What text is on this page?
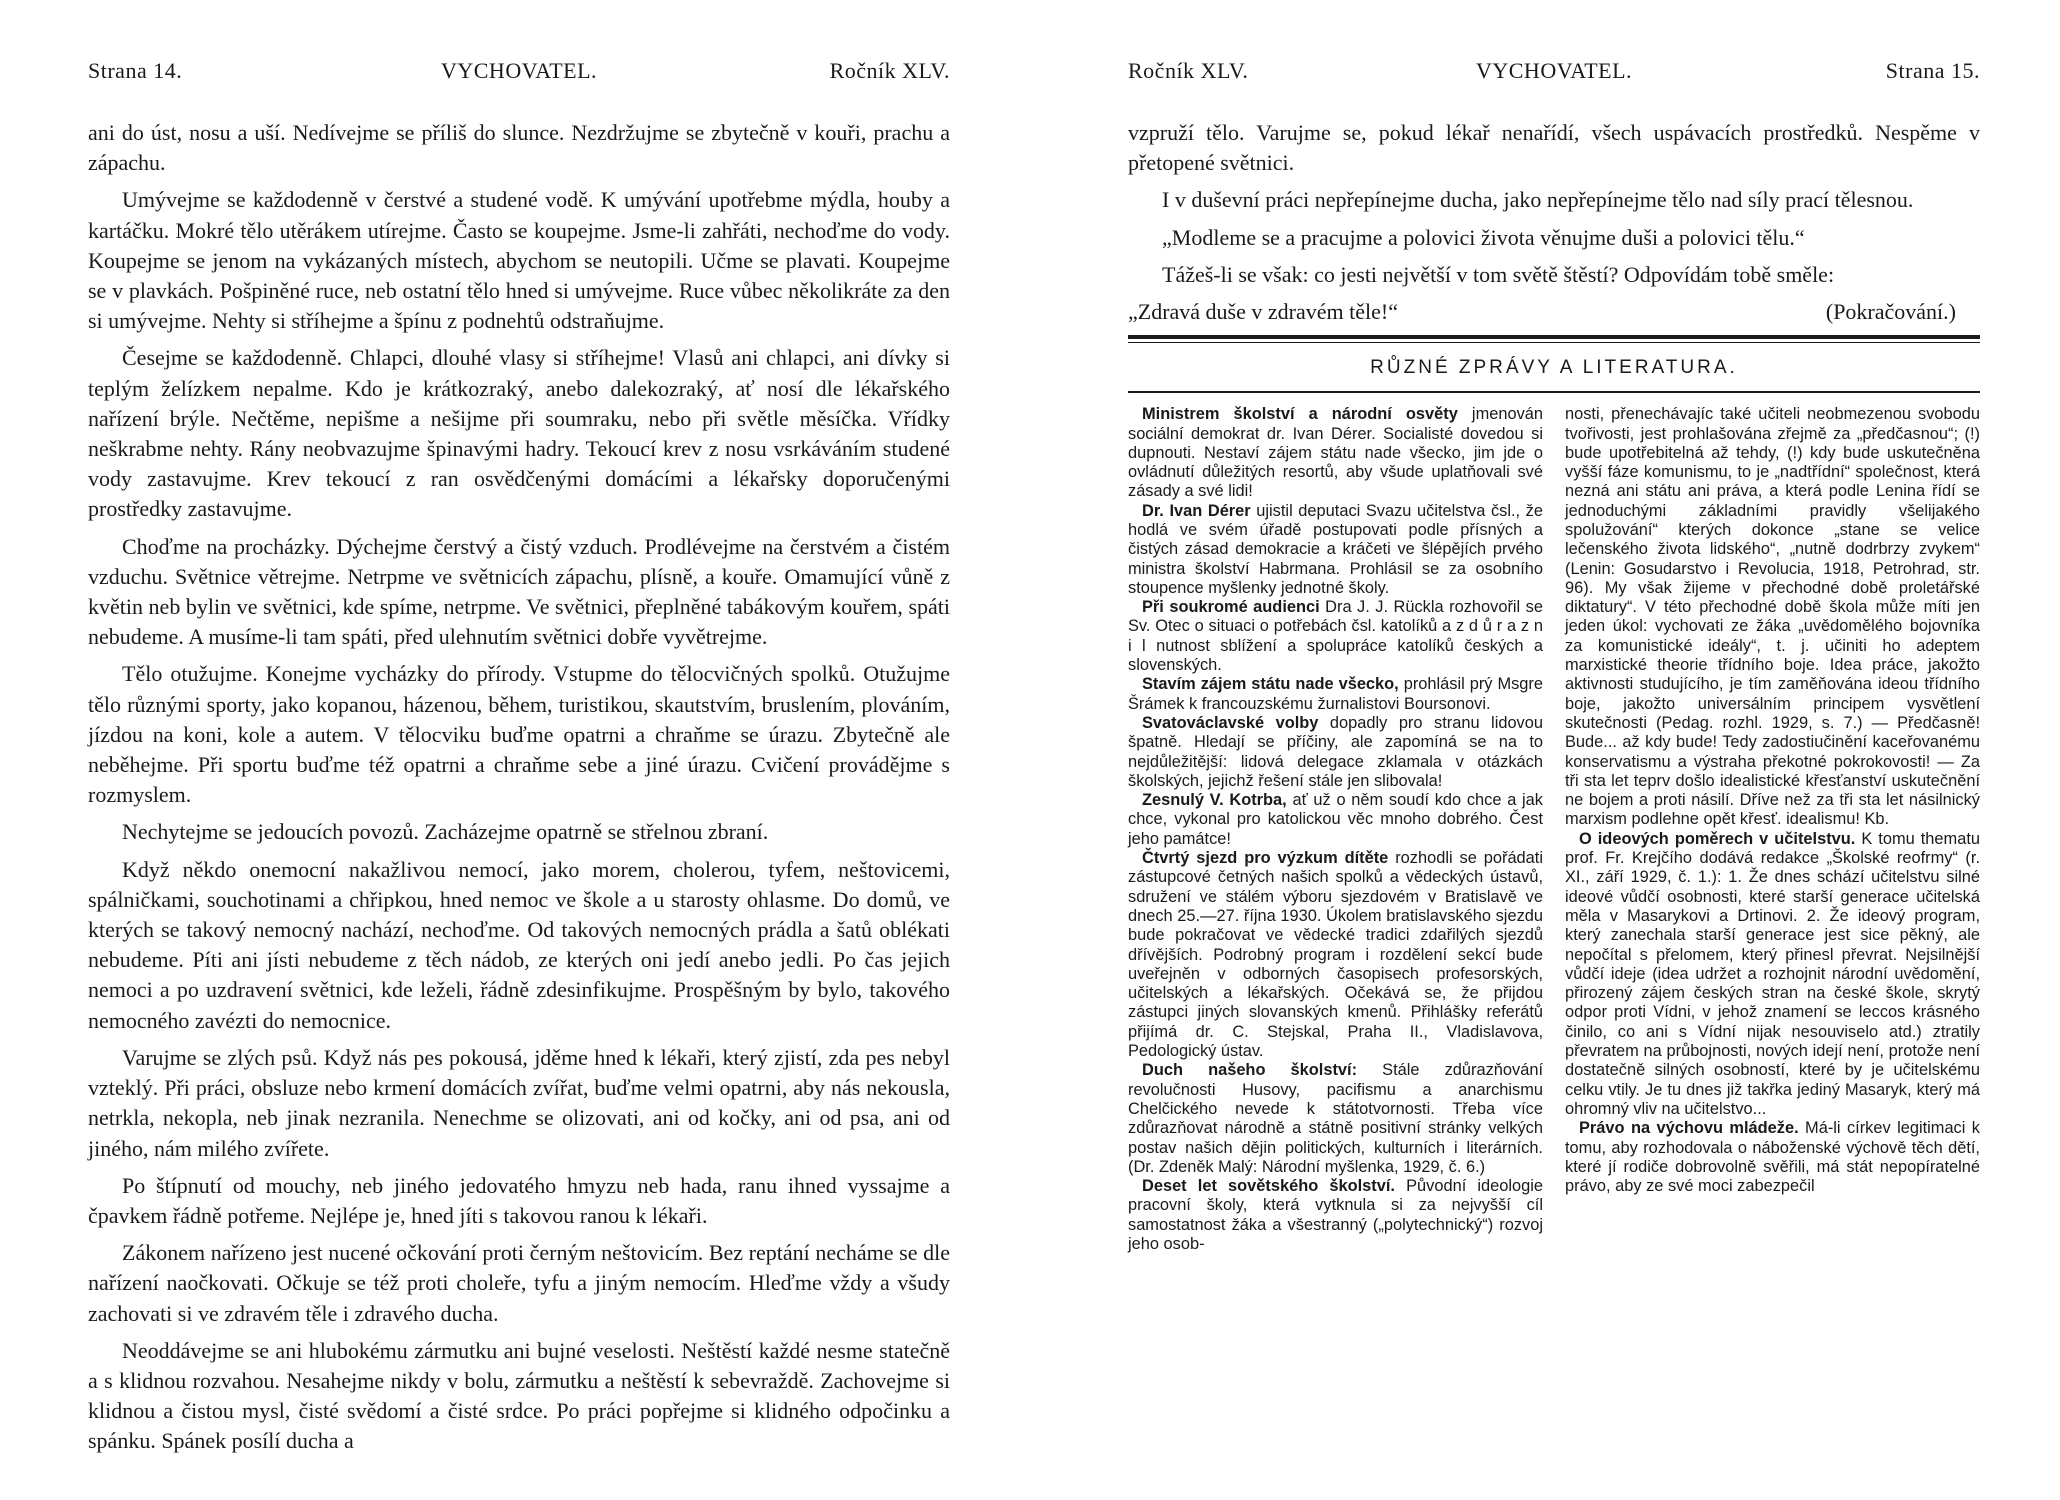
Strana 14.	VYCHOVATEL.	Ročník XLV.

ani do úst, nosu a uší. Nedívejme se příliš do slunce. Nezdržujme se zbytečně v kouři, prachu a zápachu.

Umývejme se každodenně v čerstvé a studené vodě. K umývání upotřebme mýdla, houby a kartáčku. Mokré tělo utěrákem utírejme. Často se koupejme. Jsme-li zahřáti, nechoďme do vody. Koupejme se jenom na vykázaných místech, abychom se neutopili. Učme se plavati. Koupejme se v plavkách. Pošpiněné ruce, neb ostatní tělo hned si umývejme. Ruce vůbec několikráte za den si umývejme. Nehty si stříhejme a špínu z podnehtů odstraňujme.

Česejme se každodenně. Chlapci, dlouhé vlasy si stříhejme! Vlasů ani chlapci, ani dívky si teplým želízkem nepalme. Kdo je krátkozraký, anebo dalekozraký, ať nosí dle lékařského nařízení brýle. Nečtěme, nepišme a nešijme při soumraku, nebo při světle měsíčka. Vřídky neškrabme nehty. Rány neobvazujme špinavými hadry. Tekoucí krev z nosu vsrkáváním studené vody zastavujme. Krev tekoucí z ran osvědčenými domácími a lékařsky doporučenými prostředky zastavujme.

Choďme na procházky. Dýchejme čerstvý a čistý vzduch. Prodlévejme na čerstvém a čistém vzduchu. Světnice větrejme. Netrpme ve světnicích zápachu, plísně, a kouře. Omamující vůně z květin neb bylin ve světnici, kde spíme, netrpme. Ve světnici, přeplněné tabákovým kouřem, spáti nebudeme. A musíme-li tam spáti, před ulehnutím světnici dobře vyvětrejme.

Tělo otužujme. Konejme vycházky do přírody. Vstupme do tělocvičných spolků. Otužujme tělo různými sporty, jako kopanou, házenou, během, turistikou, skautstvím, bruslením, plováním, jízdou na koni, kole a autem. V tělocviku buďme opatrni a chraňme se úrazu. Zbytečně ale neběhejme. Při sportu buďme též opatrni a chraňme sebe a jiné úrazu. Cvičení provádějme s rozmyslem.

Nechytejme se jedoucích povozů. Zacházejme opatrně se střelnou zbraní.

Když někdo onemocní nakažlivou nemocí, jako morem, cholerou, tyfem, neštovicemi, spálničkami, souchotinami a chřipkou, hned nemoc ve škole a u starosty ohlasme. Do domů, ve kterých se takový nemocný nachází, nechoďme. Od takových nemocných prádla a šatů oblékati nebudeme. Píti ani jísti nebudeme z těch nádob, ze kterých oni jedí anebo jedli. Po čas jejich nemoci a po uzdravení světnici, kde leželi, řádně zdesinfikujme. Prospěšným by bylo, takového nemocného zavézti do nemocnice.

Varujme se zlých psů. Když nás pes pokousá, jděme hned k lékaři, který zjistí, zda pes nebyl vzteklý. Při práci, obsluze nebo krmení domácích zvířat, buďme velmi opatrni, aby nás nekousla, netrkla, nekopla, neb jinak nezranila. Nenechme se olizovati, ani od kočky, ani od psa, ani od jiného, nám milého zvířete.

Po štípnutí od mouchy, neb jiného jedovatého hmyzu neb hada, ranu ihned vyssajme a čpavkem řádně potřeme. Nejlépe je, hned jíti s takovou ranou k lékaři.

Zákonem nařízeno jest nucené očkování proti černým neštovicím. Bez reptání necháme se dle nařízení naočkovati. Očkuje se též proti choleře, tyfu a jiným nemocím. Hleďme vždy a všudy zachovati si ve zdravém těle i zdravého ducha.

Neoddávejme se ani hlubokému zármutku ani bujné veselosti. Neštěstí každé nesme statečně a s klidnou rozvahou. Nesahejme nikdy v bolu, zármutku a neštěstí k sebevraždě. Zachovejme si klidnou a čistou mysl, čisté svědomí a čisté srdce. Po práci popřejme si klidného odpočinku a spánku. Spánek posílí ducha a

Ročník XLV.	VYCHOVATEL.	Strana 15.

vzpruží tělo. Varujme se, pokud lékař nenařídí, všech uspávacích prostředků. Nespěme v přetopené světnici.

I v duševní práci nepřepínejme ducha, jako nepřepínejme tělo nad síly prací tělesnou.

„Modleme se a pracujme a polovici života věnujme duši a polovici tělu.“

Tážeš-li se však: co jesti největší v tom světě štěstí? Odpovídám tobě směle:

„Zdravá duše v zdravém těle!“	(Pokračování.)
RŮZNÉ ZPRÁVY A LITERATURA.

Ministrem školství a národní osvěty jmenován sociální demokrat dr. Ivan Dérer. Socialisté dovedou si dupnouti. Nestaví zájem státu nade všecko, jim jde o ovládnutí důležitých resortů, aby všude uplatňovali své zásady a své lidi!

Dr. Ivan Dérer ujistil deputaci Svazu učitelstva čsl., že hodlá ve svém úřadě postupovati podle přísných a čistých zásad demokracie a kráčeti ve šlépějích prvého ministra školství Habrmana. Prohlásil se za osobního stoupence myšlenky jednotné školy.

Při soukromé audienci Dra J. J. Rückla rozhovořil se Sv. Otec o situaci o potřebách čsl. katolíků a z d ů r a z n i l nutnost sblížení a spolupráce katolíků českých a slovenských.

Stavím zájem státu nade všecko, prohlásil prý Msgre Šrámek k francouzskému žurnalistovi Boursonovi.

Svatováclavské volby dopadly pro stranu lidovou špatně. Hledají se příčiny, ale zapomíná se na to nejdůležitější: lidová delegace zklamala v otázkách školských, jejichž řešení stále jen slibovala!

Zesnulý V. Kotrba, ať už o něm soudí kdo chce a jak chce, vykonal pro katolickou věc mnoho dobrého. Čest jeho památce!

Čtvrtý sjezd pro výzkum dítěte rozhodli se pořádati zástupcové četných našich spolků a vědeckých ústavů, sdružení ve stálém výboru sjezdovém v Bratislavě ve dnech 25.—27. října 1930. Úkolem bratislavského sjezdu bude pokračovat ve vědecké tradici zdařilých sjezdů dřívějších. Podrobný program i rozdělení sekcí bude uveřejněn v odborných časopisech profesorských, učitelských a lékařských. Očekává se, že přijdou zástupci jiných slovanských kmenů. Přihlášky referátů přijímá dr. C. Stejskal, Praha II., Vladislavova, Pedologický ústav.

Duch našeho školství: Stále zdůrazňování revolučnosti Husovy, pacifismu a anarchismu Chelčického nevede k státotvornosti. Třeba více zdůrazňovat národně a státně positivní stránky velkých postav našich dějin politických, kulturních i literárních. (Dr. Zdeněk Malý: Národní myšlenka, 1929, č. 6.)

Deset let sovětského školství. Původní ideologie pracovní školy, která vytknula si za nejvyšší cíl samostatnost žáka a všestranný („polytechnický“) rozvoj jeho osob-

nosti, přenechávajíc také učiteli neobmezenou svobodu tvořivosti, jest prohlašována zřejmě za „předčasnou“; (!) bude upotřebitelná až tehdy, (!) kdy bude uskutečněna vyšší fáze komunismu, to je „nadtřídní“ společnost, která nezná ani státu ani práva, a která podle Lenina řídí se jednoduchými základními pravidly všelijakého spolužování“ kterých dokonce „stane se velice lečenského života lidského“, „nutně dodrbrzy zvykem“ (Lenin: Gosudarstvo i Revolucia, 1918, Petrohrad, str. 96). My však žijeme v přechodné době proletářské diktatury“. V této přechodné době škola může míti jen jeden úkol: vychovati ze žáka „uvědomělého bojovníka za komunistické ideály“, t. j. učiniti ho adeptem marxistické theorie třídního boje. Idea práce, jakožto aktivnosti studujícího, je tím zaměňována ideou třídního boje, jakožto universálním principem vysvětlení skutečnosti (Pedag. rozhl. 1929, s. 7.) — Předčasně! Bude... až kdy bude! Tedy zadostiučinění kaceřovanému konservatismu a výstraha překotné pokrokovosti! — Za tři sta let teprv došlo idealistické křesťanství uskutečnění ne bojem a proti násilí. Dříve než za tři sta let násilnický marxism podlehne opět křesť. idealismu! Kb.

O ideových poměrech v učitelstvu. K tomu thematu prof. Fr. Krejčího dodává redakce „Školské reofrmy“ (r. XI., září 1929, č. 1.): 1. Že dnes schází učitelstvu silné ideové vůdčí osobnosti, které starší generace učitelská měla v Masarykovi a Drtinovi. 2. Že ideový program, který zanechala starší generace jest sice pěkný, ale nepočítal s přelomem, který přinesl převrat. Nejsilnější vůdčí ideje (idea udržet a rozhojnit národní uvědomění, přirozený zájem českých stran na české škole, skrytý odpor proti Vídni, v jehož znamení se leccos krásného činilo, co ani s Vídní nijak nesouviselo atd.) ztratily převratem na průbojnosti, nových idejí není, protože není dostatečně silných osobností, které by je učitelskému celku vtily. Je tu dnes již takřka jediný Masaryk, který má ohromný vliv na učitelstvo...

Právo na výchovu mládeže. Má-li církev legitimaci k tomu, aby rozhodovala o náboženské výchově těch dětí, které jí rodiče dobrovolně svěřili, má stát nepopíratelné právo, aby ze své moci zabezpečil
